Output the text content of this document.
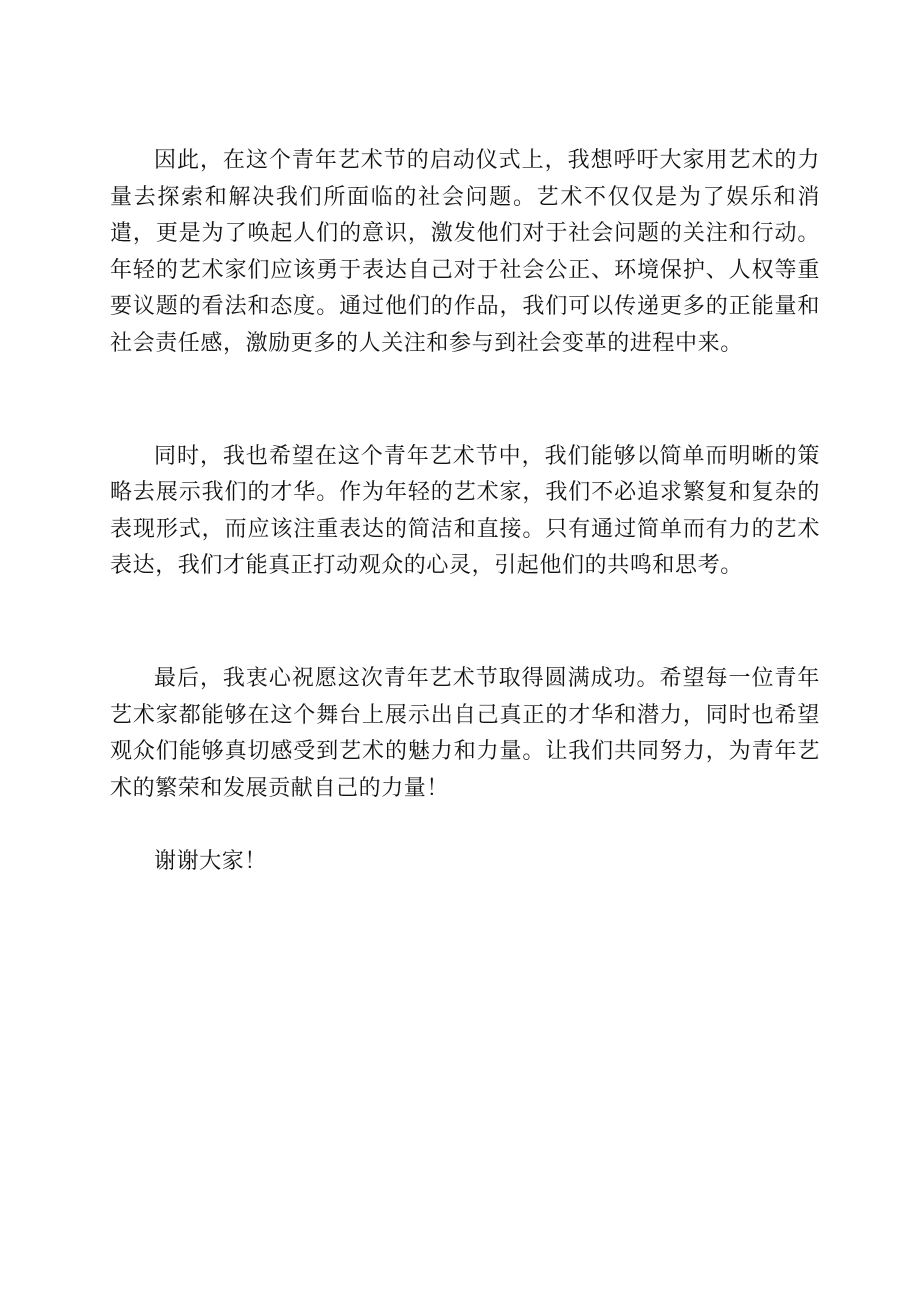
因此，在这个青年艺术节的启动仪式上，我想呼吁大家用艺术的力量去探索和解决我们所面临的社会问题。艺术不仅仅是为了娱乐和消遣，更是为了唤起人们的意识，激发他们对于社会问题的关注和行动。年轻的艺术家们应该勇于表达自己对于社会公正、环境保护、人权等重要议题的看法和态度。通过他们的作品，我们可以传递更多的正能量和社会责任感，激励更多的人关注和参与到社会变革的进程中来。

同时，我也希望在这个青年艺术节中，我们能够以简单而明晰的策略去展示我们的才华。作为年轻的艺术家，我们不必追求繁复和复杂的表现形式，而应该注重表达的简洁和直接。只有通过简单而有力的艺术表达，我们才能真正打动观众的心灵，引起他们的共鸣和思考。

最后，我衷心祝愿这次青年艺术节取得圆满成功。希望每一位青年艺术家都能够在这个舞台上展示出自己真正的才华和潜力，同时也希望观众们能够真切感受到艺术的魅力和力量。让我们共同努力，为青年艺术的繁荣和发展贡献自己的力量！

谢谢大家！
